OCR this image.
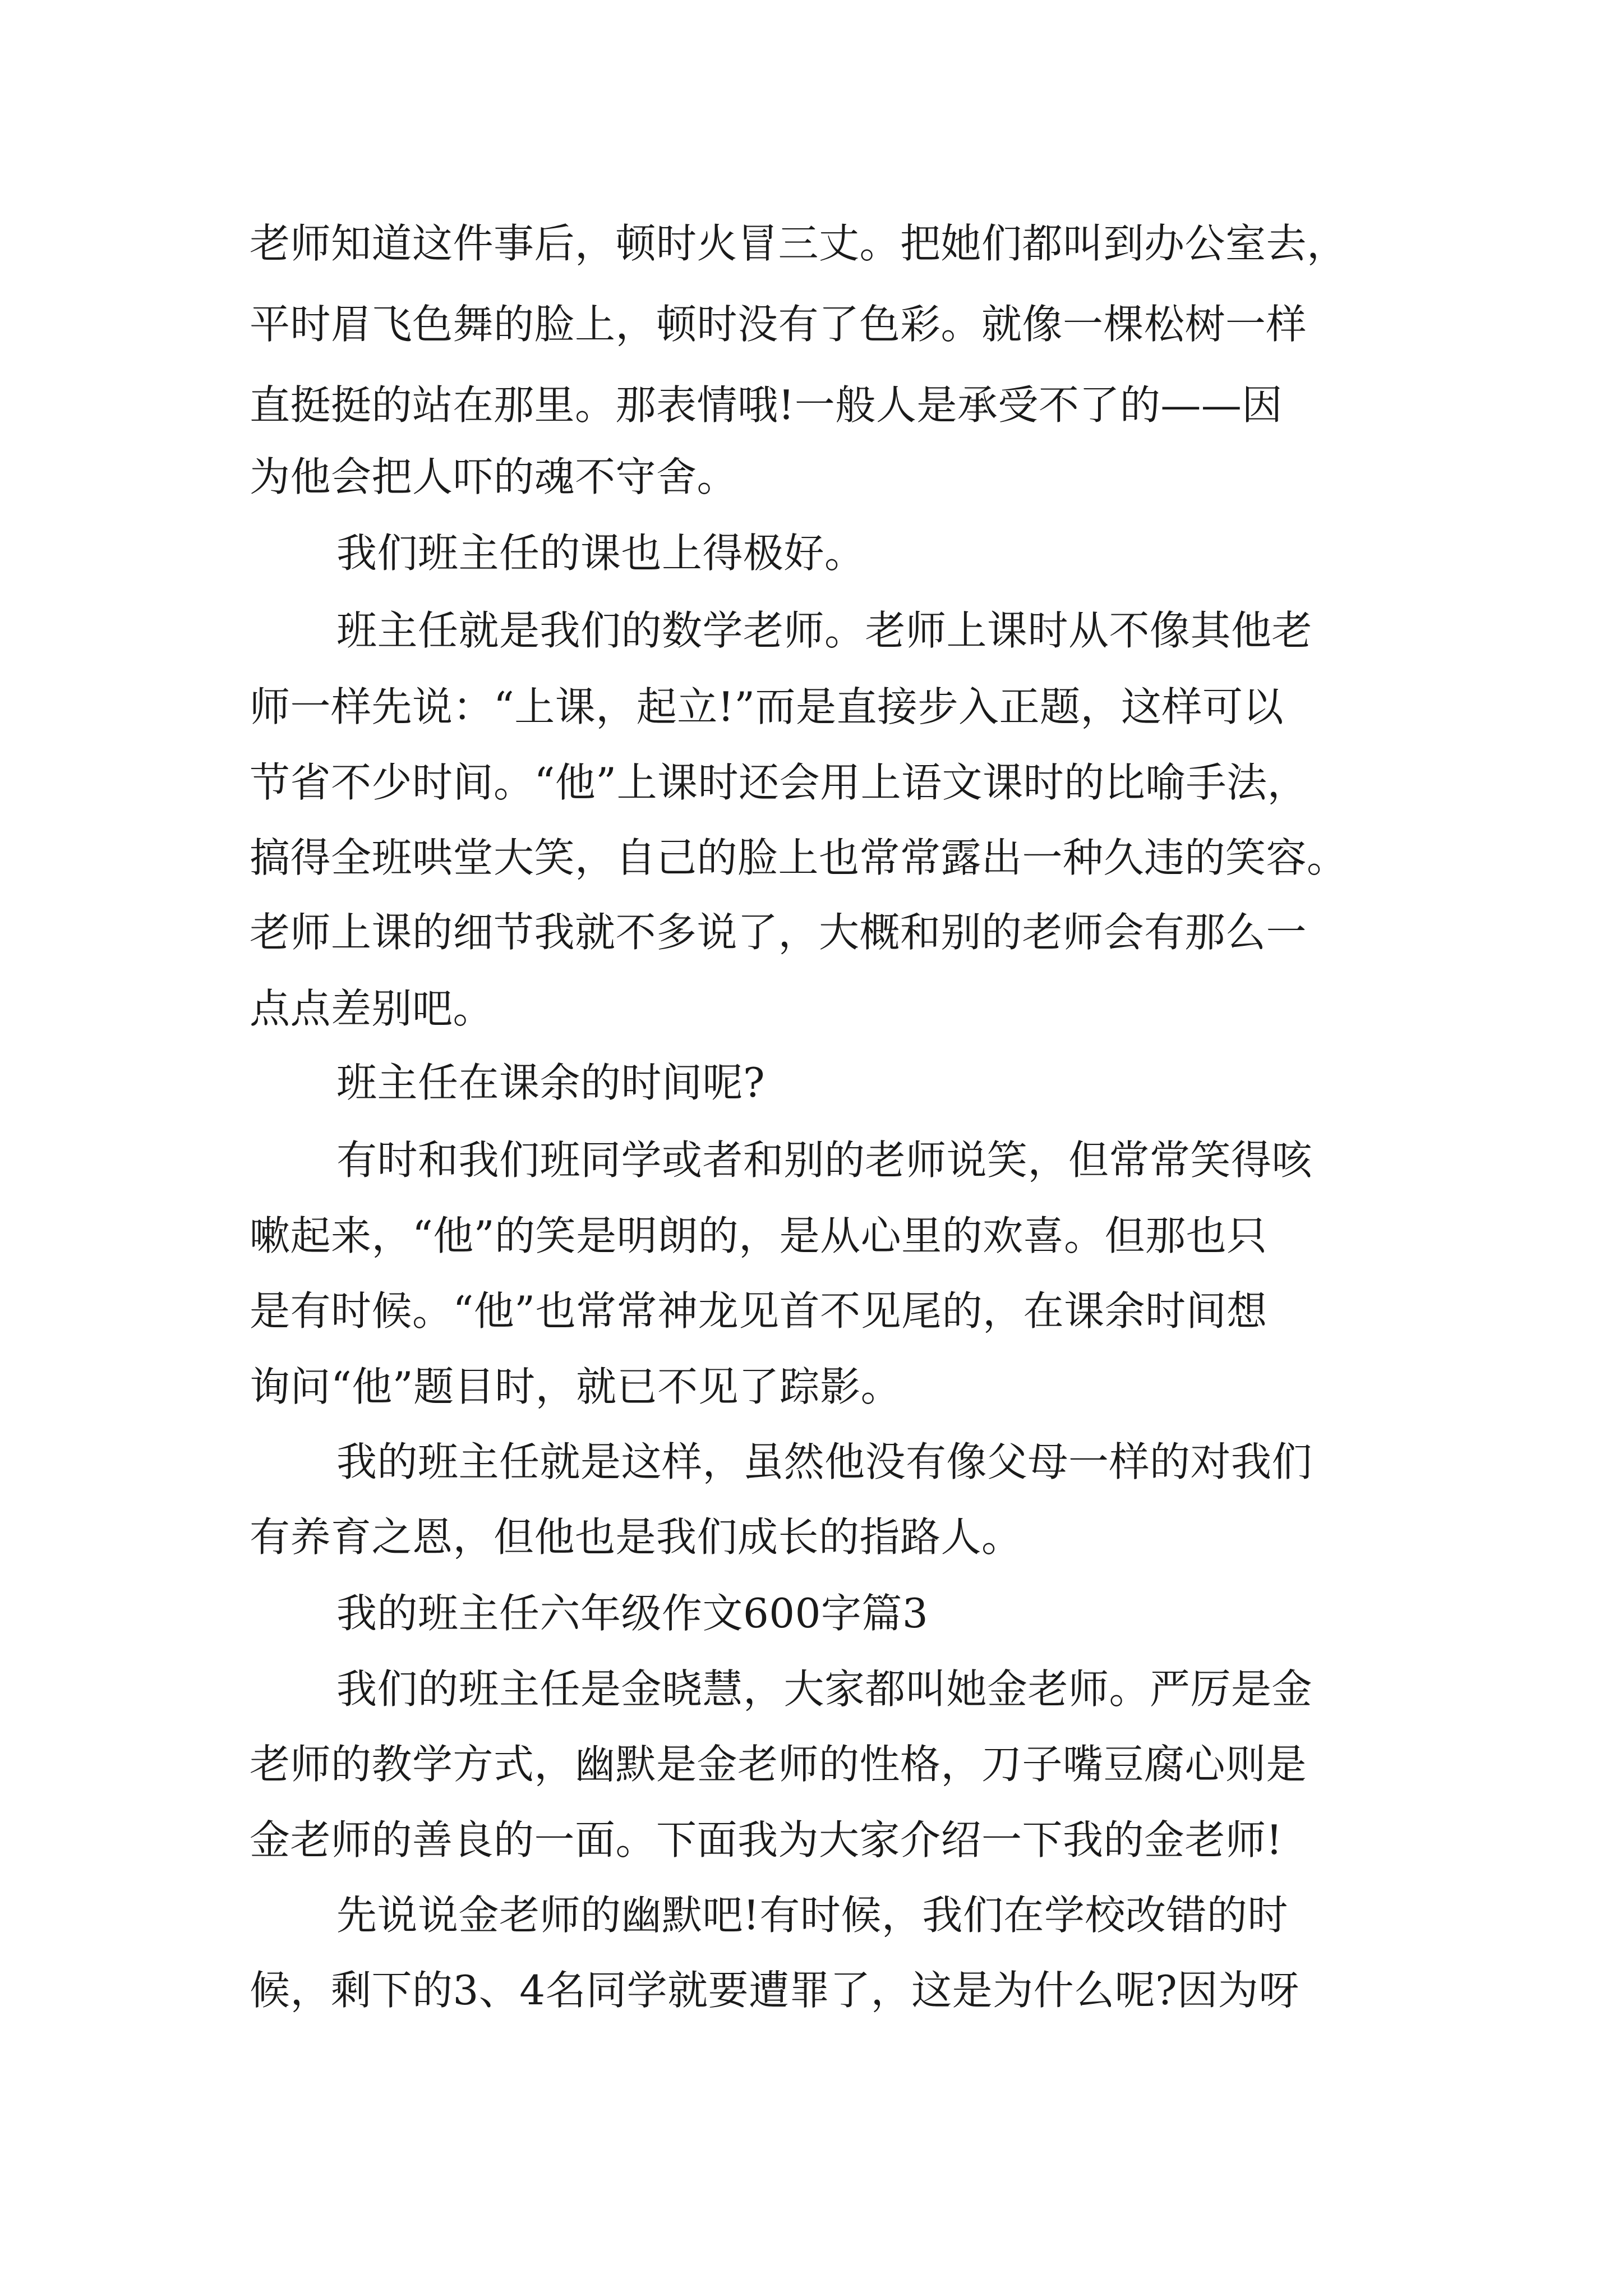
老师知道这件事后，顿时火冒三丈。把她们都叫到办公室去，
平时眉飞色舞的脸上，顿时没有了色彩。就像一棵松树一样
直挺挺的站在那里。那表情哦!一般人是承受不了的——因
为他会把人吓的魂不守舍。
我们班主任的课也上得极好。
班主任就是我们的数学老师。老师上课时从不像其他老
师一样先说：“上课，起立!”而是直接步入正题，这样可以
节省不少时间。“他”上课时还会用上语文课时的比喻手法，
搞得全班哄堂大笑，自己的脸上也常常露出一种久违的笑容。
老师上课的细节我就不多说了，大概和别的老师会有那么一
点点差别吧。
班主任在课余的时间呢?
有时和我们班同学或者和别的老师说笑，但常常笑得咳
嗽起来，“他”的笑是明朗的，是从心里的欢喜。但那也只
是有时候。“他”也常常神龙见首不见尾的，在课余时间想
询问“他”题目时，就已不见了踪影。
我的班主任就是这样，虽然他没有像父母一样的对我们
有养育之恩，但他也是我们成长的指路人。
我的班主任六年级作文600字篇3
我们的班主任是金晓慧，大家都叫她金老师。严厉是金
老师的教学方式，幽默是金老师的性格，刀子嘴豆腐心则是
金老师的善良的一面。下面我为大家介绍一下我的金老师!
先说说金老师的幽默吧!有时候，我们在学校改错的时
候，剩下的3、4名同学就要遭罪了，这是为什么呢?因为呀
